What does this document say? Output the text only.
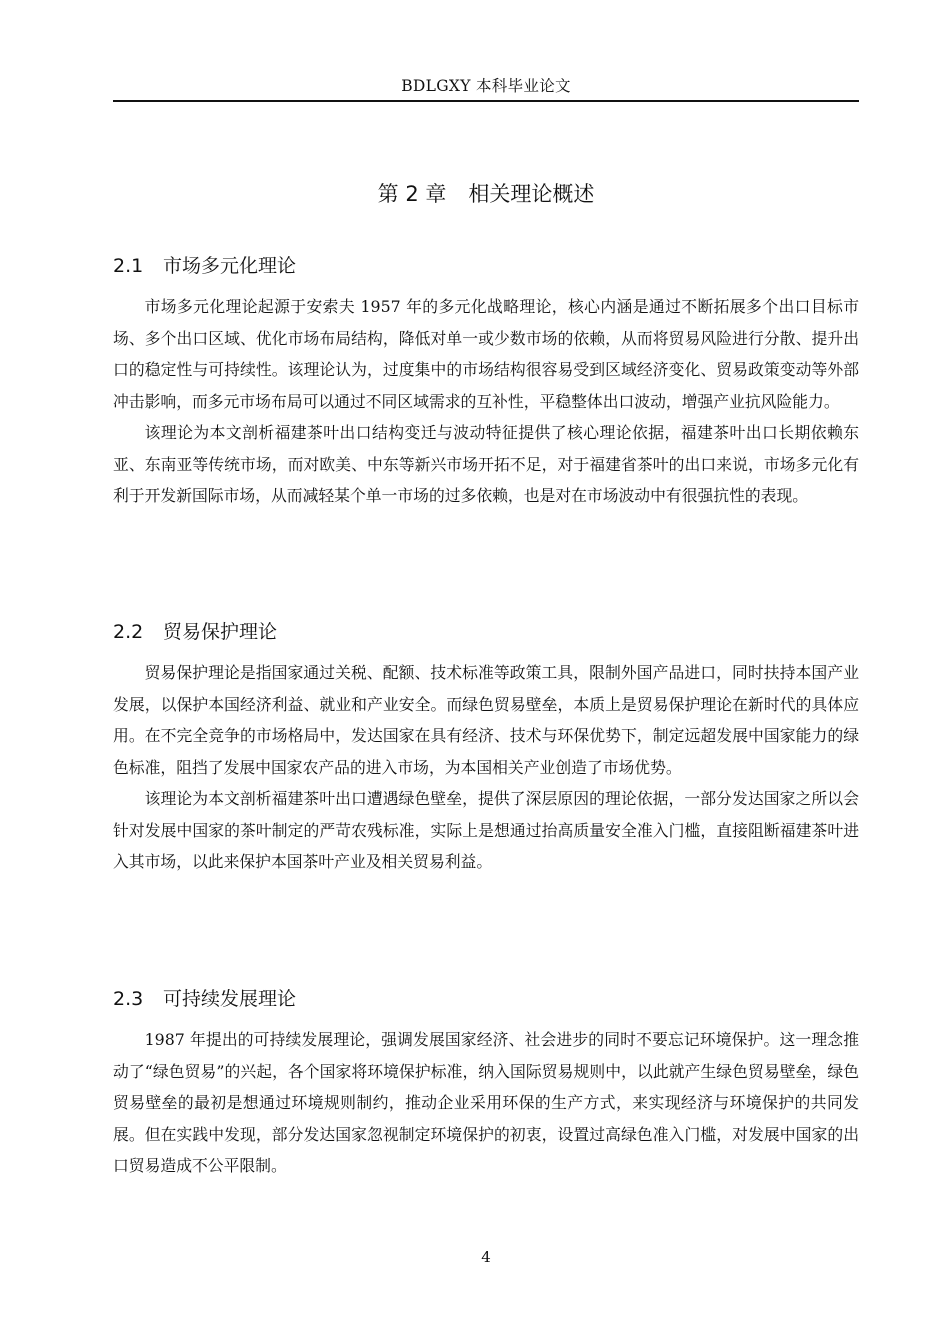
BDLGXY 本科毕业论文
第 2 章 相关理论概述
2.1 市场多元化理论

市场多元化理论起源于安索夫 1957 年的多元化战略理论，核心内涵是通过不断拓展多个出口目标市场、多个出口区域、优化市场布局结构，降低对单一或少数市场的依赖，从而将贸易风险进行分散、提升出口的稳定性与可持续性。该理论认为，过度集中的市场结构很容易受到区域经济变化、贸易政策变动等外部冲击影响，而多元市场布局可以通过不同区域需求的互补性，平稳整体出口波动，增强产业抗风险能力。

该理论为本文剖析福建茶叶出口结构变迁与波动特征提供了核心理论依据，福建茶叶出口长期依赖东亚、东南亚等传统市场，而对欧美、中东等新兴市场开拓不足，对于福建省茶叶的出口来说，市场多元化有利于开发新国际市场，从而减轻某个单一市场的过多依赖，也是对在市场波动中有很强抗性的表现。

2.2 贸易保护理论

贸易保护理论是指国家通过关税、配额、技术标准等政策工具，限制外国产品进口，同时扶持本国产业发展，以保护本国经济利益、就业和产业安全。而绿色贸易壁垒，本质上是贸易保护理论在新时代的具体应用。在不完全竞争的市场格局中，发达国家在具有经济、技术与环保优势下，制定远超发展中国家能力的绿色标准，阻挡了发展中国家农产品的进入市场，为本国相关产业创造了市场优势。

该理论为本文剖析福建茶叶出口遭遇绿色壁垒，提供了深层原因的理论依据，一部分发达国家之所以会针对发展中国家的茶叶制定的严苛农残标准，实际上是想通过抬高质量安全准入门槛，直接阻断福建茶叶进入其市场，以此来保护本国茶叶产业及相关贸易利益。

2.3 可持续发展理论

1987 年提出的可持续发展理论，强调发展国家经济、社会进步的同时不要忘记环境保护。这一理念推动了“绿色贸易”的兴起，各个国家将环境保护标准，纳入国际贸易规则中，以此就产生绿色贸易壁垒，绿色贸易壁垒的最初是想通过环境规则制约，推动企业采用环保的生产方式，来实现经济与环境保护的共同发展。但在实践中发现，部分发达国家忽视制定环境保护的初衷，设置过高绿色准入门槛，对发展中国家的出口贸易造成不公平限制。

4
